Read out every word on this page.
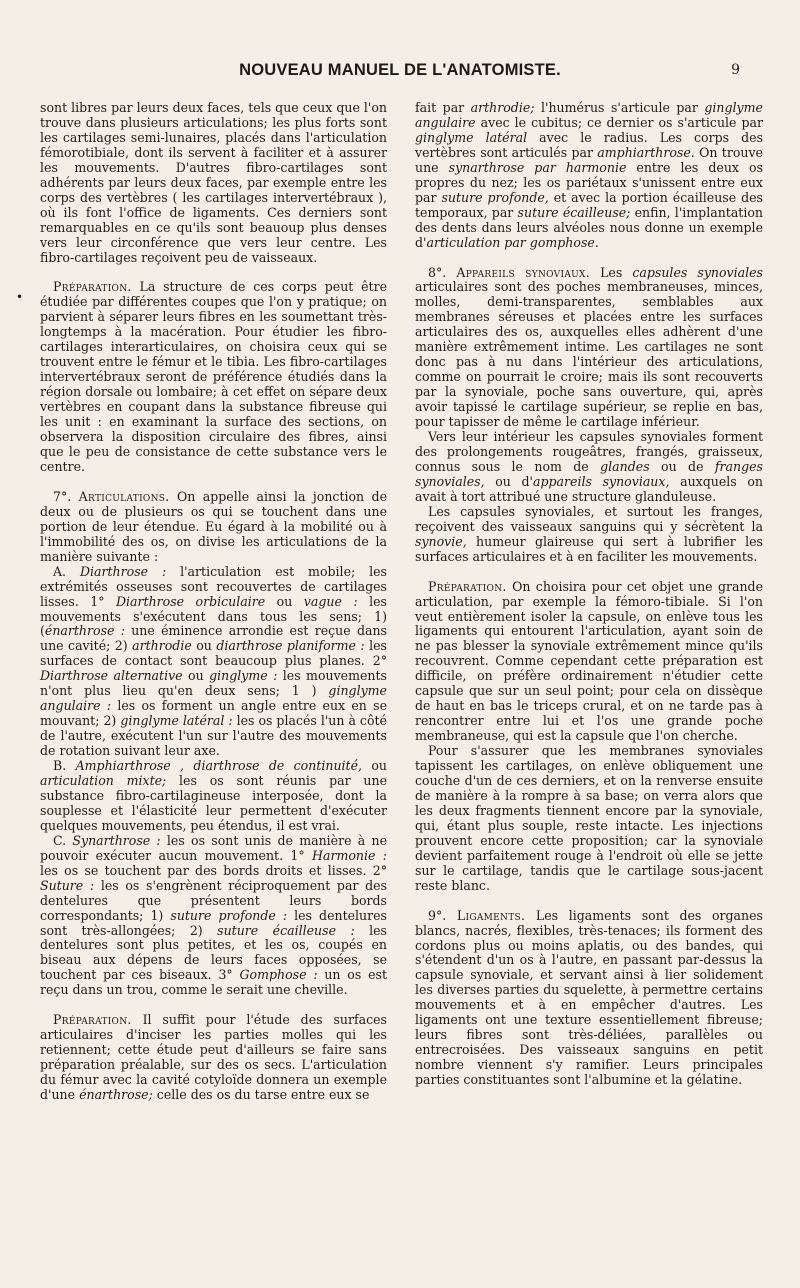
NOUVEAU MANUEL DE L'ANATOMISTE.	9
•

sont libres par leurs deux faces, tels que ceux que l'on trouve dans plusieurs articulations; les plus forts sont les cartilages semi-lunaires, placés dans l'articulation fémorotibiale, dont ils servent à faciliter et à assurer les mouvements. D'autres fibro-cartilages sont adhérents par leurs deux faces, par exemple entre les corps des vertèbres ( les cartilages intervertébraux ), où ils font l'office de ligaments. Ces derniers sont remarquables en ce qu'ils sont beauoup plus denses vers leur circonférence que vers leur centre. Les fibro-cartilages reçoivent peu de vaisseaux.

Préparation. La structure de ces corps peut être étudiée par différentes coupes que l'on y pratique; on parvient à séparer leurs fibres en les soumettant très-longtemps à la macération. Pour étudier les fibro-cartilages interarticulaires, on choisira ceux qui se trouvent entre le fémur et le tibia. Les fibro-cartilages intervertébraux seront de préférence étudiés dans la région dorsale ou lombaire; à cet effet on sépare deux vertèbres en coupant dans la substance fibreuse qui les unit : en examinant la surface des sections, on observera la disposition circulaire des fibres, ainsi que le peu de consistance de cette substance vers le centre.

7°. Articulations. On appelle ainsi la jonction de deux ou de plusieurs os qui se touchent dans une portion de leur étendue. Eu égard à la mobilité ou à l'immobilité des os, on divise les articulations de la manière suivante :

A. Diarthrose : l'articulation est mobile; les extrémités osseuses sont recouvertes de cartilages lisses. 1° Diarthrose orbiculaire ou vague : les mouvements s'exécutent dans tous les sens; 1) (énarthrose : une éminence arrondie est reçue dans une cavité; 2) arthrodie ou diarthrose planiforme : les surfaces de contact sont beaucoup plus planes. 2° Diarthrose alternative ou ginglyme : les mouvements n'ont plus lieu qu'en deux sens; 1 ) ginglyme angulaire : les os forment un angle entre eux en se mouvant; 2) ginglyme latéral : les os placés l'un à côté de l'autre, exécutent l'un sur l'autre des mouvements de rotation suivant leur axe.

B. Amphiarthrose , diarthrose de continuité, ou articulation mixte; les os sont réunis par une substance fibro-cartilagineuse interposée, dont la souplesse et l'élasticité leur permettent d'exécuter quelques mouvements, peu étendus, il est vrai.

C. Synarthrose : les os sont unis de manière à ne pouvoir exécuter aucun mouvement. 1° Harmonie : les os se touchent par des bords droits et lisses. 2° Suture : les os s'engrènent réciproquement par des dentelures que présentent leurs bords correspondants; 1) suture profonde : les dentelures sont très-allongées; 2) suture écailleuse : les dentelures sont plus petites, et les os, coupés en biseau aux dépens de leurs faces opposées, se touchent par ces biseaux. 3° Gomphose : un os est reçu dans un trou, comme le serait une cheville.

Préparation. Il suffit pour l'étude des surfaces articulaires d'inciser les parties molles qui les retiennent; cette étude peut d'ailleurs se faire sans préparation préalable, sur des os secs. L'articulation du fémur avec la cavité cotyloïde donnera un exemple d'une énarthrose; celle des os du tarse entre eux se

fait par arthrodie; l'humérus s'articule par ginglyme angulaire avec le cubitus; ce dernier os s'articule par ginglyme latéral avec le radius. Les corps des vertèbres sont articulés par amphiarthrose. On trouve une synarthrose par harmonie entre les deux os propres du nez; les os pariétaux s'unissent entre eux par suture profonde, et avec la portion écailleuse des temporaux, par suture écailleuse; enfin, l'implantation des dents dans leurs alvéoles nous donne un exemple d'articulation par gomphose.

8°. Appareils synoviaux. Les capsules synoviales articulaires sont des poches membraneuses, minces, molles, demi-transparentes, semblables aux membranes séreuses et placées entre les surfaces articulaires des os, auxquelles elles adhèrent d'une manière extrêmement intime. Les cartilages ne sont donc pas à nu dans l'intérieur des articulations, comme on pourrait le croire; mais ils sont recouverts par la synoviale, poche sans ouverture, qui, après avoir tapissé le cartilage supérieur, se replie en bas, pour tapisser de même le cartilage inférieur.

Vers leur intérieur les capsules synoviales forment des prolongements rougeâtres, frangés, graisseux, connus sous le nom de glandes ou de franges synoviales, ou d'appareils synoviaux, auxquels on avait à tort attribué une structure glanduleuse.

Les capsules synoviales, et surtout les franges, reçoivent des vaisseaux sanguins qui y sécrètent la synovie, humeur glaireuse qui sert à lubrifier les surfaces articulaires et à en faciliter les mouvements.

Préparation. On choisira pour cet objet une grande articulation, par exemple la fémoro-tibiale. Si l'on veut entièrement isoler la capsule, on enlève tous les ligaments qui entourent l'articulation, ayant soin de ne pas blesser la synoviale extrêmement mince qu'ils recouvrent. Comme cependant cette préparation est difficile, on préfère ordinairement n'étudier cette capsule que sur un seul point; pour cela on dissèque de haut en bas le triceps crural, et on ne tarde pas à rencontrer entre lui et l'os une grande poche membraneuse, qui est la capsule que l'on cherche.

Pour s'assurer que les membranes synoviales tapissent les cartilages, on enlève obliquement une couche d'un de ces derniers, et on la renverse ensuite de manière à la rompre à sa base; on verra alors que les deux fragments tiennent encore par la synoviale, qui, étant plus souple, reste intacte. Les injections prouvent encore cette proposition; car la synoviale devient parfaitement rouge à l'endroit où elle se jette sur le cartilage, tandis que le cartilage sous-jacent reste blanc.

9°. Ligaments. Les ligaments sont des organes blancs, nacrés, flexibles, très-tenaces; ils forment des cordons plus ou moins aplatis, ou des bandes, qui s'étendent d'un os à l'autre, en passant par-dessus la capsule synoviale, et servant ainsi à lier solidement les diverses parties du squelette, à permettre certains mouvements et à en empêcher d'autres. Les ligaments ont une texture essentiellement fibreuse; leurs fibres sont très-déliées, parallèles ou entrecroisées. Des vaisseaux sanguins en petit nombre viennent s'y ramifier. Leurs principales parties constituantes sont l'albumine et la gélatine.
